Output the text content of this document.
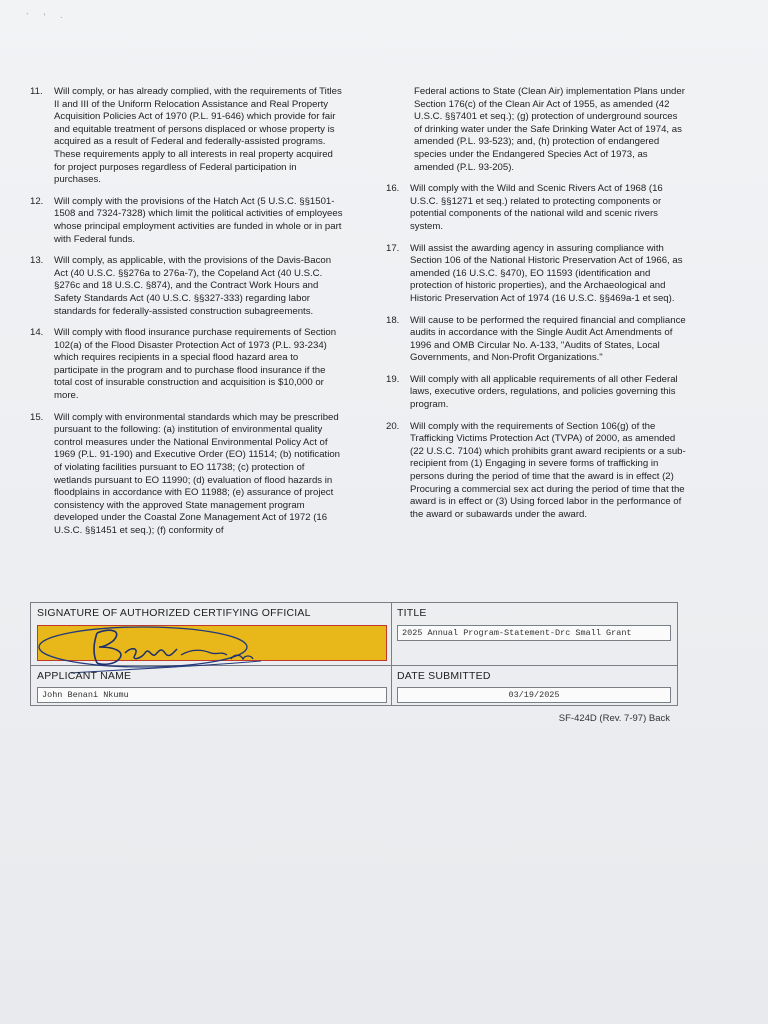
` ' ·
11.	Will comply, or has already complied, with the requirements of Titles II and III of the Uniform Relocation Assistance and Real Property Acquisition Policies Act of 1970 (P.L. 91-646) which provide for fair and equitable treatment of persons displaced or whose property is acquired as a result of Federal and federally-assisted programs. These requirements apply to all interests in real property acquired for project purposes regardless of Federal participation in purchases.
12.	Will comply with the provisions of the Hatch Act (5 U.S.C. §§1501-1508 and 7324-7328) which limit the political activities of employees whose principal employment activities are funded in whole or in part with Federal funds.
13.	Will comply, as applicable, with the provisions of the Davis-Bacon Act (40 U.S.C. §§276a to 276a-7), the Copeland Act (40 U.S.C. §276c and 18 U.S.C. §874), and the Contract Work Hours and Safety Standards Act (40 U.S.C. §§327-333) regarding labor standards for federally-assisted construction subagreements.
14.	Will comply with flood insurance purchase requirements of Section 102(a) of the Flood Disaster Protection Act of 1973 (P.L. 93-234) which requires recipients in a special flood hazard area to participate in the program and to purchase flood insurance if the total cost of insurable construction and acquisition is $10,000 or more.
15.	Will comply with environmental standards which may be prescribed pursuant to the following: (a) institution of environmental quality control measures under the National Environmental Policy Act of 1969 (P.L. 91-190) and Executive Order (EO) 11514; (b) notification of violating facilities pursuant to EO 11738; (c) protection of wetlands pursuant to EO 11990; (d) evaluation of flood hazards in floodplains in accordance with EO 11988; (e) assurance of project consistency with the approved State management program developed under the Coastal Zone Management Act of 1972 (16 U.S.C. §§1451 et seq.); (f) conformity of
Federal actions to State (Clean Air) implementation Plans under Section 176(c) of the Clean Air Act of 1955, as amended (42 U.S.C. §§7401 et seq.); (g) protection of underground sources of drinking water under the Safe Drinking Water Act of 1974, as amended (P.L. 93-523); and, (h) protection of endangered species under the Endangered Species Act of 1973, as amended (P.L. 93-205).
16.	Will comply with the Wild and Scenic Rivers Act of 1968 (16 U.S.C. §§1271 et seq.) related to protecting components or potential components of the national wild and scenic rivers system.
17.	Will assist the awarding agency in assuring compliance with Section 106 of the National Historic Preservation Act of 1966, as amended (16 U.S.C. §470), EO 11593 (identification and protection of historic properties), and the Archaeological and Historic Preservation Act of 1974 (16 U.S.C. §§469a-1 et seq).
18.	Will cause to be performed the required financial and compliance audits in accordance with the Single Audit Act Amendments of 1996 and OMB Circular No. A-133, "Audits of States, Local Governments, and Non-Profit Organizations."
19.	Will comply with all applicable requirements of all other Federal laws, executive orders, regulations, and policies governing this program.
20.	Will comply with the requirements of Section 106(g) of the Trafficking Victims Protection Act (TVPA) of 2000, as amended (22 U.S.C. 7104) which prohibits grant award recipients or a sub-recipient from (1) Engaging in severe forms of trafficking in persons during the period of time that the award is in effect (2) Procuring a commercial sex act during the period of time that the award is in effect or (3) Using forced labor in the performance of the award or subawards under the award.
SIGNATURE OF AUTHORIZED CERTIFYING OFFICIAL	TITLE
2025 Annual Program-Statement-Drc Small Grant
APPLICANT NAME
John Benani Nkumu
DATE SUBMITTED
03/19/2025
SF-424D (Rev. 7-97) Back
